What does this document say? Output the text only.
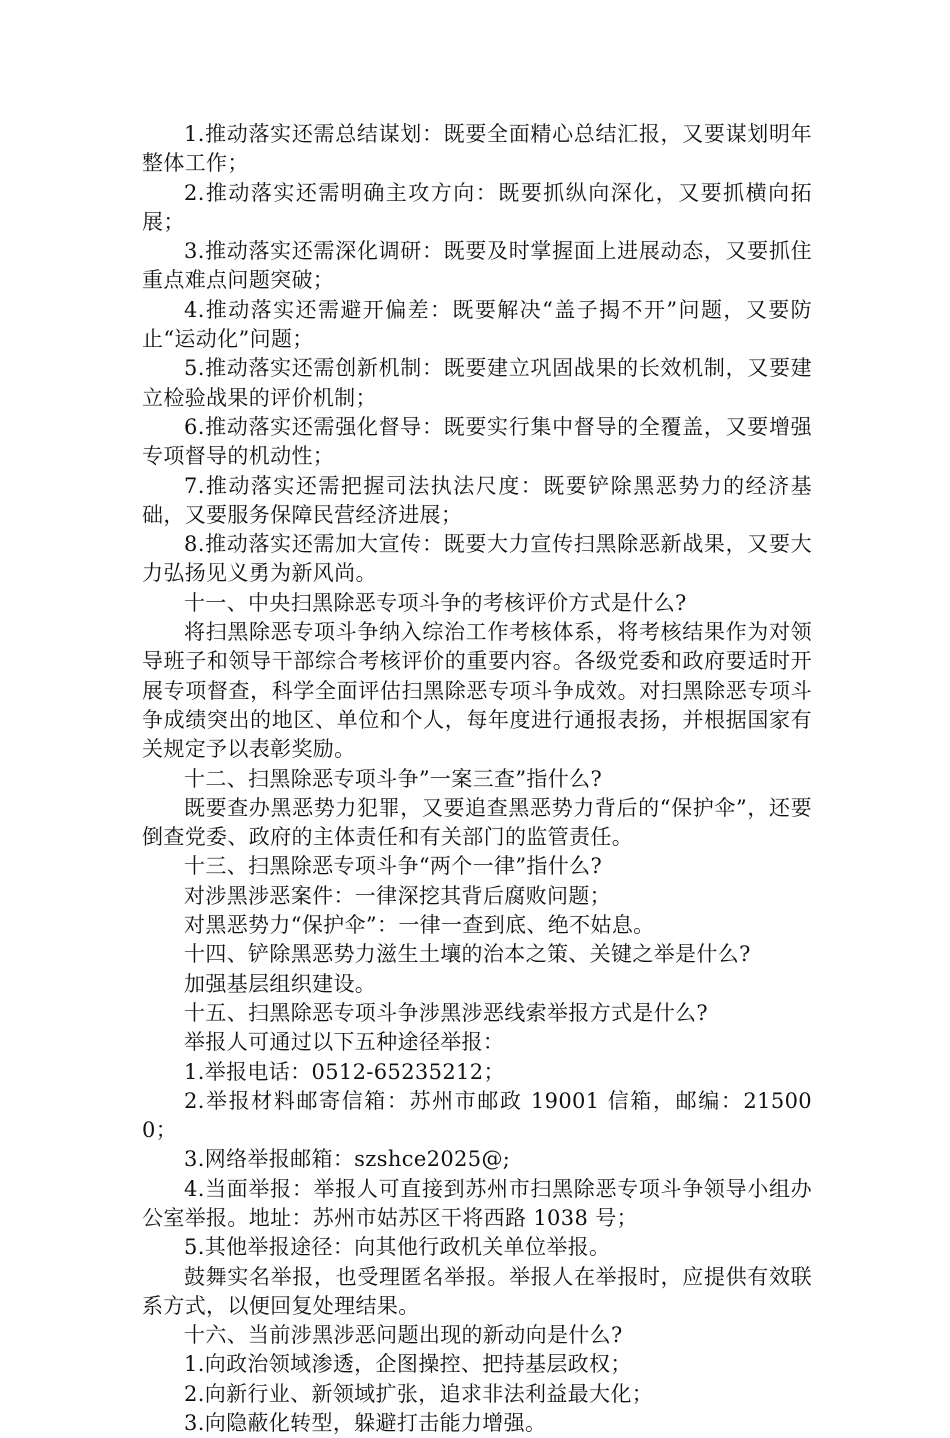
1.推动落实还需总结谋划：既要全面精心总结汇报，又要谋划明年整体工作；

2.推动落实还需明确主攻方向：既要抓纵向深化，又要抓横向拓展；

3.推动落实还需深化调研：既要及时掌握面上进展动态，又要抓住重点难点问题突破；

4.推动落实还需避开偏差：既要解决“盖子揭不开”问题，又要防止“运动化”问题；

5.推动落实还需创新机制：既要建立巩固战果的长效机制，又要建立检验战果的评价机制；

6.推动落实还需强化督导：既要实行集中督导的全覆盖，又要增强专项督导的机动性；

7.推动落实还需把握司法执法尺度：既要铲除黑恶势力的经济基础，又要服务保障民营经济进展；

8.推动落实还需加大宣传：既要大力宣传扫黑除恶新战果，又要大力弘扬见义勇为新风尚。

十一、中央扫黑除恶专项斗争的考核评价方式是什么?

将扫黑除恶专项斗争纳入综治工作考核体系，将考核结果作为对领导班子和领导干部综合考核评价的重要内容。各级党委和政府要适时开展专项督查，科学全面评估扫黑除恶专项斗争成效。对扫黑除恶专项斗争成绩突出的地区、单位和个人，每年度进行通报表扬，并根据国家有关规定予以表彰奖励。

十二、扫黑除恶专项斗争”一案三查”指什么?

既要查办黑恶势力犯罪，又要追查黑恶势力背后的“保护伞”，还要倒查党委、政府的主体责任和有关部门的监管责任。

十三、扫黑除恶专项斗争“两个一律”指什么?

对涉黑涉恶案件：一律深挖其背后腐败问题；

对黑恶势力“保护伞”：一律一查到底、绝不姑息。

十四、铲除黑恶势力滋生土壤的治本之策、关键之举是什么?

加强基层组织建设。

十五、扫黑除恶专项斗争涉黑涉恶线索举报方式是什么?

举报人可通过以下五种途径举报：

1.举报电话：0512-65235212；

2.举报材料邮寄信箱：苏州市邮政 19001 信箱，邮编：215000；

3.网络举报邮箱：szshce2025@;

4.当面举报：举报人可直接到苏州市扫黑除恶专项斗争领导小组办公室举报。地址：苏州市姑苏区干将西路 1038 号；

5.其他举报途径：向其他行政机关单位举报。

鼓舞实名举报，也受理匿名举报。举报人在举报时，应提供有效联系方式，以便回复处理结果。

十六、当前涉黑涉恶问题出现的新动向是什么?

1.向政治领域渗透，企图操控、把持基层政权；

2.向新行业、新领域扩张，追求非法利益最大化；

3.向隐蔽化转型，躲避打击能力增强。
